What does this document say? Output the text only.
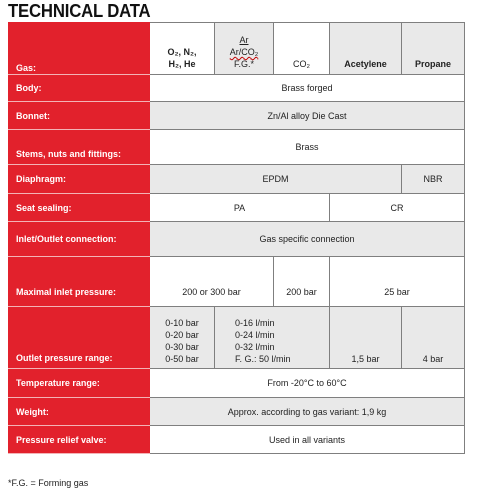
TECHNICAL DATA
Gas:	O₂, N₂,
H₂, He	Ar
Ar/CO₂
F.G.*	CO₂	Acetylene	Propane
Body:	Brass forged				
Bonnet:	Zn/Al alloy Die Cast				
Stems, nuts and fittings:	Brass				
Diaphragm:	EPDM				NBR
Seat sealing:	PA			CR	
Inlet/Outlet connection:	Gas specific connection				
Maximal inlet pressure:	200 or 300 bar		200 bar	25 bar	
Outlet pressure range:	0-10 bar
0-20 bar
0-30 bar
0-50 bar	0-16 l/min
0-24 l/min
0-32 l/min
F. G.: 50 l/min		1,5 bar	4 bar
Temperature range:	From -20°C to 60°C				
Weight:	Approx. according to gas variant: 1,9 kg				
Pressure relief valve:	Used in all variants				
*F.G. = Forming gas
